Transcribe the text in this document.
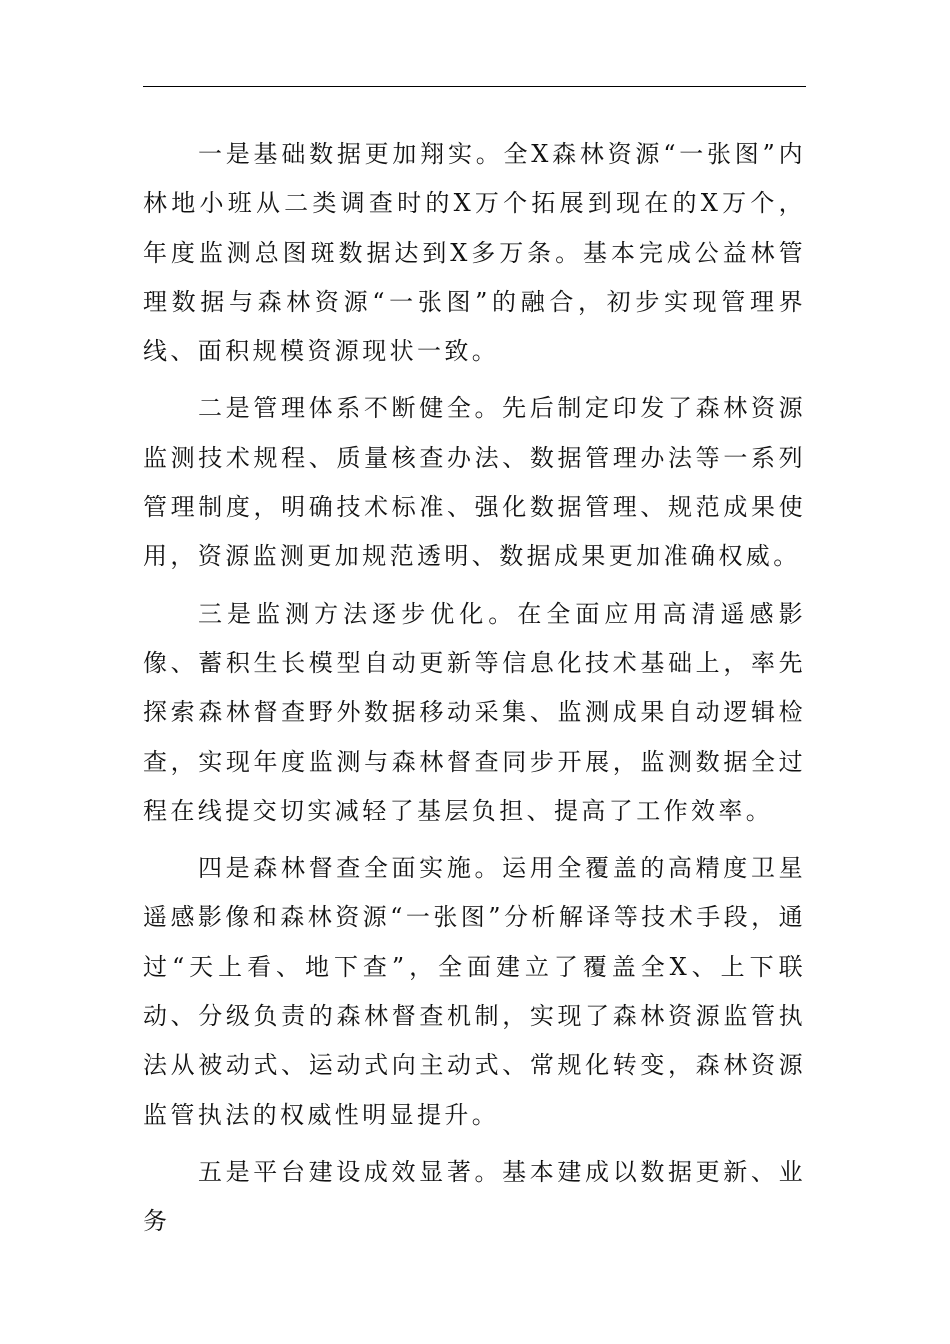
一是基础数据更加翔实。全X森林资源“一张图”内林地小班从二类调查时的X万个拓展到现在的X万个，年度监测总图斑数据达到X多万条。基本完成公益林管理数据与森林资源“一张图”的融合，初步实现管理界线、面积规模资源现状一致。

二是管理体系不断健全。先后制定印发了森林资源监测技术规程、质量核查办法、数据管理办法等一系列管理制度，明确技术标准、强化数据管理、规范成果使用，资源监测更加规范透明、数据成果更加准确权威。

三是监测方法逐步优化。在全面应用高清遥感影像、蓄积生长模型自动更新等信息化技术基础上，率先探索森林督查野外数据移动采集、监测成果自动逻辑检查，实现年度监测与森林督查同步开展，监测数据全过程在线提交切实减轻了基层负担、提高了工作效率。

四是森林督查全面实施。运用全覆盖的高精度卫星遥感影像和森林资源“一张图”分析解译等技术手段，通过“天上看、地下查”，全面建立了覆盖全X、上下联动、分级负责的森林督查机制，实现了森林资源监管执法从被动式、运动式向主动式、常规化转变，森林资源监管执法的权威性明显提升。

五是平台建设成效显著。基本建成以数据更新、业务
